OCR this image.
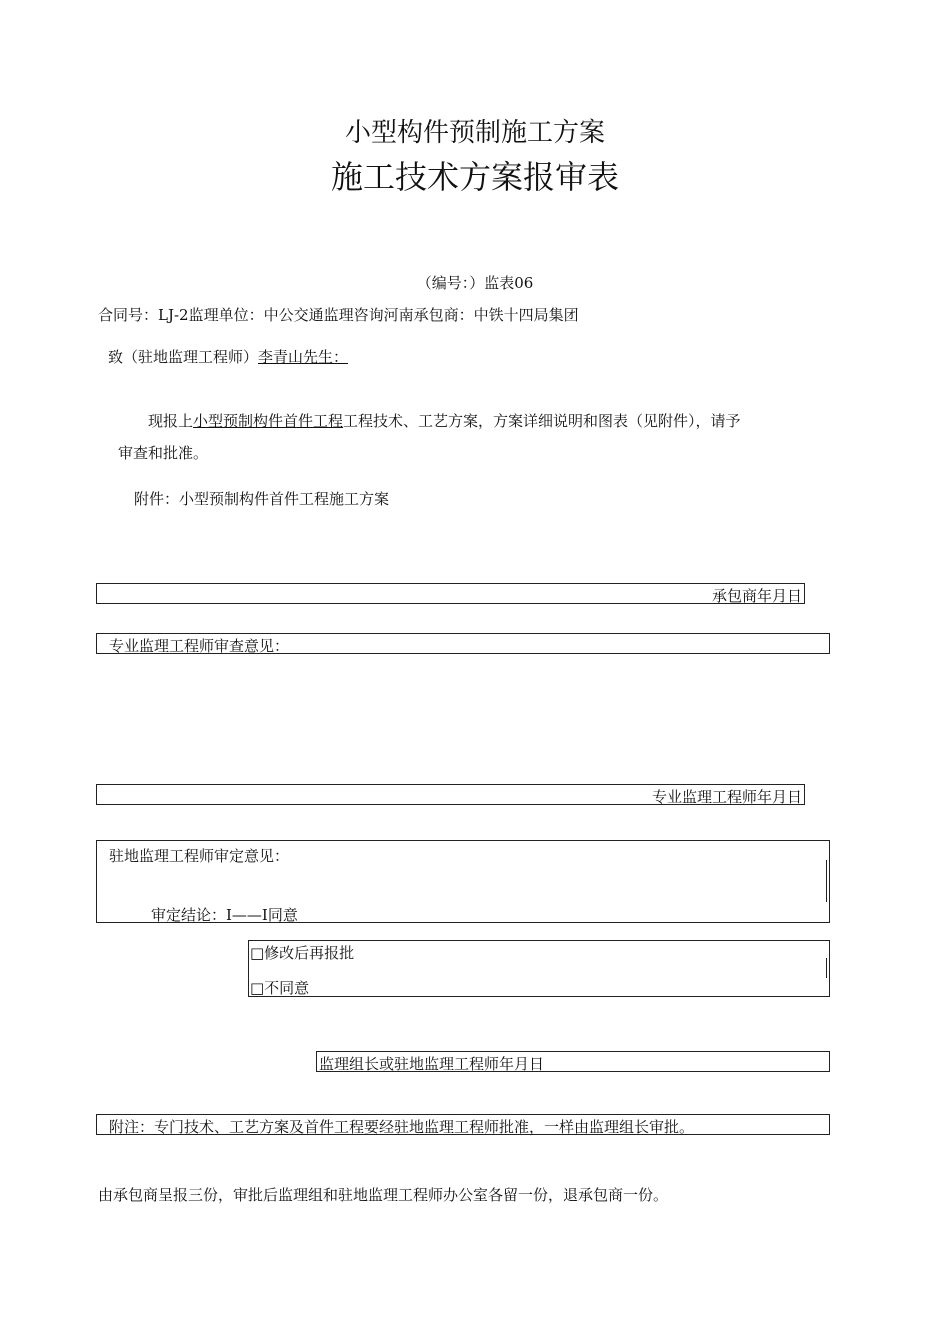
小型构件预制施工方案
施工技术方案报审表
（编号：）监表06
合同号：LJ-2监理单位：中公交通监理咨询河南承包商：中铁十四局集团
致（驻地监理工程师）李青山先生：
现报上小型预制构件首件工程工程技术、工艺方案，方案详细说明和图表（见附件），请予
审查和批准。
附件：小型预制构件首件工程施工方案
承包商年月日
专业监理工程师审查意见：
专业监理工程师年月日
驻地监理工程师审定意见：
审定结论：I——I同意
□修改后再报批
□不同意
监理组长或驻地监理工程师年月日
附注：专门技术、工艺方案及首件工程要经驻地监理工程师批准，一样由监理组长审批。
由承包商呈报三份，审批后监理组和驻地监理工程师办公室各留一份，退承包商一份。
